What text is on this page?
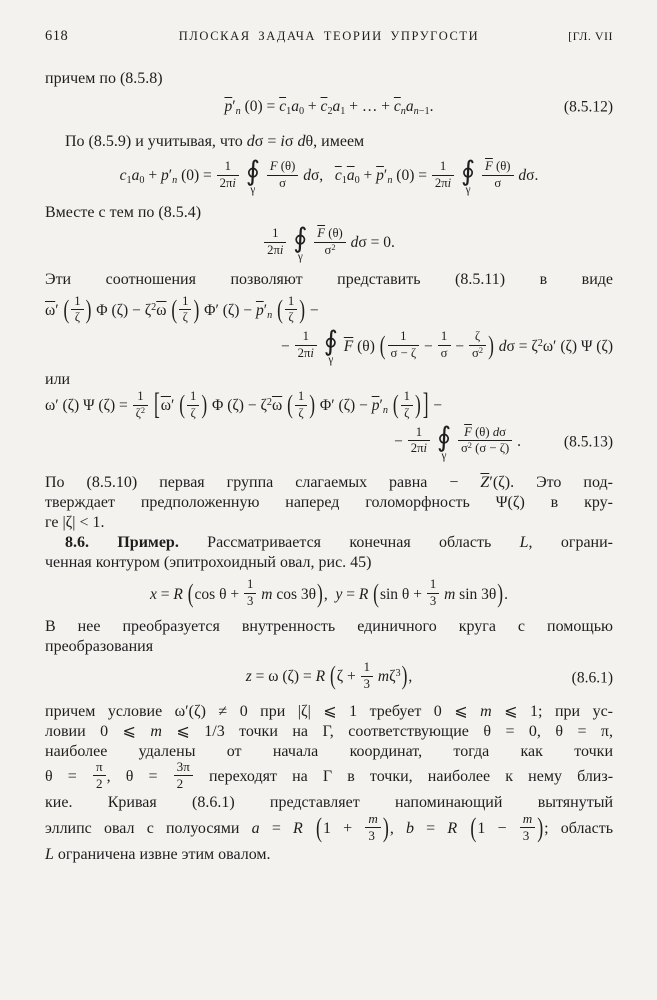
618	ПЛОСКАЯ ЗАДАЧА ТЕОРИИ УПРУГОСТИ	[ГЛ. VII
причем по (8.5.8)
$\overline{p}'_n$ $(0) = \overline{c}_1a_0 + \overline{c}_2a_1$ + … + $\overline{c}_na_{n-1}$.	(8.5.12)
По (8.5.9) и учитывая, что dσ = iσ dθ, имеем
$c_1a_0 + p'_n$ $(0) = \frac{1}{2\pi i}$
∮
γ
$\frac{F (\theta)}{\sigma} d\sigma$,   $\overline{c}_1\overline{a}_0 + \overline{p}'_n$ $(0) = \frac{1}{2\pi i}$
∮
γ
$\frac{\overline{F} (\theta)}{\sigma} d\sigma$.
Вместе с тем по (8.5.4)
$\frac{1}{2\pi i}$
∮
γ
$\frac{\overline{F} (\theta)}{\sigma^2}$ dσ = 0.
Эти соотношения позволяют представить (8.5.11) в виде
$\overline{\omega}'$ ( $\frac{1}{\zeta}$ ) Φ $(\zeta) - \zeta^2\overline{\omega}$ ( $\frac{1}{\zeta}$ ) Φ′ $(\zeta) - \overline{p}'_n$ ( $\frac{1}{\zeta}$ ) −
− $\frac{1}{2\pi i}$
∮
γ
$\overline{F}$ (θ) ( $\frac{1}{\sigma - \zeta} - \frac{1}{\sigma} - \frac{\zeta}{\sigma^2}$ ) $d\sigma = \zeta^2\omega'$ (ζ) Ψ (ζ)
или
ω′ (ζ) Ψ $(\zeta) = \frac{1}{\zeta^2} [\overline{\omega}'$ ( $\frac{1}{\zeta}$ ) Φ $(\zeta) - \zeta^2\overline{\omega}$ ( $\frac{1}{\zeta}$ ) Φ′ $(\zeta) - \overline{p}'_n$ ( $\frac{1}{\zeta}$ ) ] −
− $\frac{1}{2\pi i}$
∮
γ
$\frac{\overline{F} (\theta) d\sigma}{\sigma^2 (\sigma - \zeta)}$ .	(8.5.13)
По (8.5.10) первая группа слагаемых равна − $\overline{Z}'(\zeta)$. Это под-
тверждает предположенную наперед голоморфность Ψ(ζ) в кру-
ге |ζ| < 1.
8.6. Пример. Рассматривается конечная область L, ограни-
ченная контуром (эпитрохоидный овал, рис. 45)
x = R (cos $\theta + \frac{1}{3}$ m cos 3θ),  y = R (sin $\theta + \frac{1}{3}$ m sin 3θ).
В нее преобразуется внутренность единичного круга с помощью
преобразования
z = ω (ζ) = R $(\zeta + \frac{1}{3} m\zeta^3)$,	(8.6.1)
причем условие ω′(ζ) ≠ 0 при |ζ| ⩽ 1 требует 0 ⩽ m ⩽ 1; при ус-
ловии 0 ⩽ m ⩽ 1/3 точки на Γ, соответствующие θ = 0, θ = π,
наиболее удалены от начала координат, тогда как точки
$\theta = \frac{\pi}{2}$ , $\theta = \frac{3\pi}{2}$ переходят на Γ в точки, наиболее к нему близ-
кие. Кривая (8.6.1) представляет напоминающий вытянутый
эллипс овал с полуосями a = R ($1 + \frac{m}{3}$ ), b = R ($1 - \frac{m}{3}$ ); область
L ограничена извне этим овалом.
